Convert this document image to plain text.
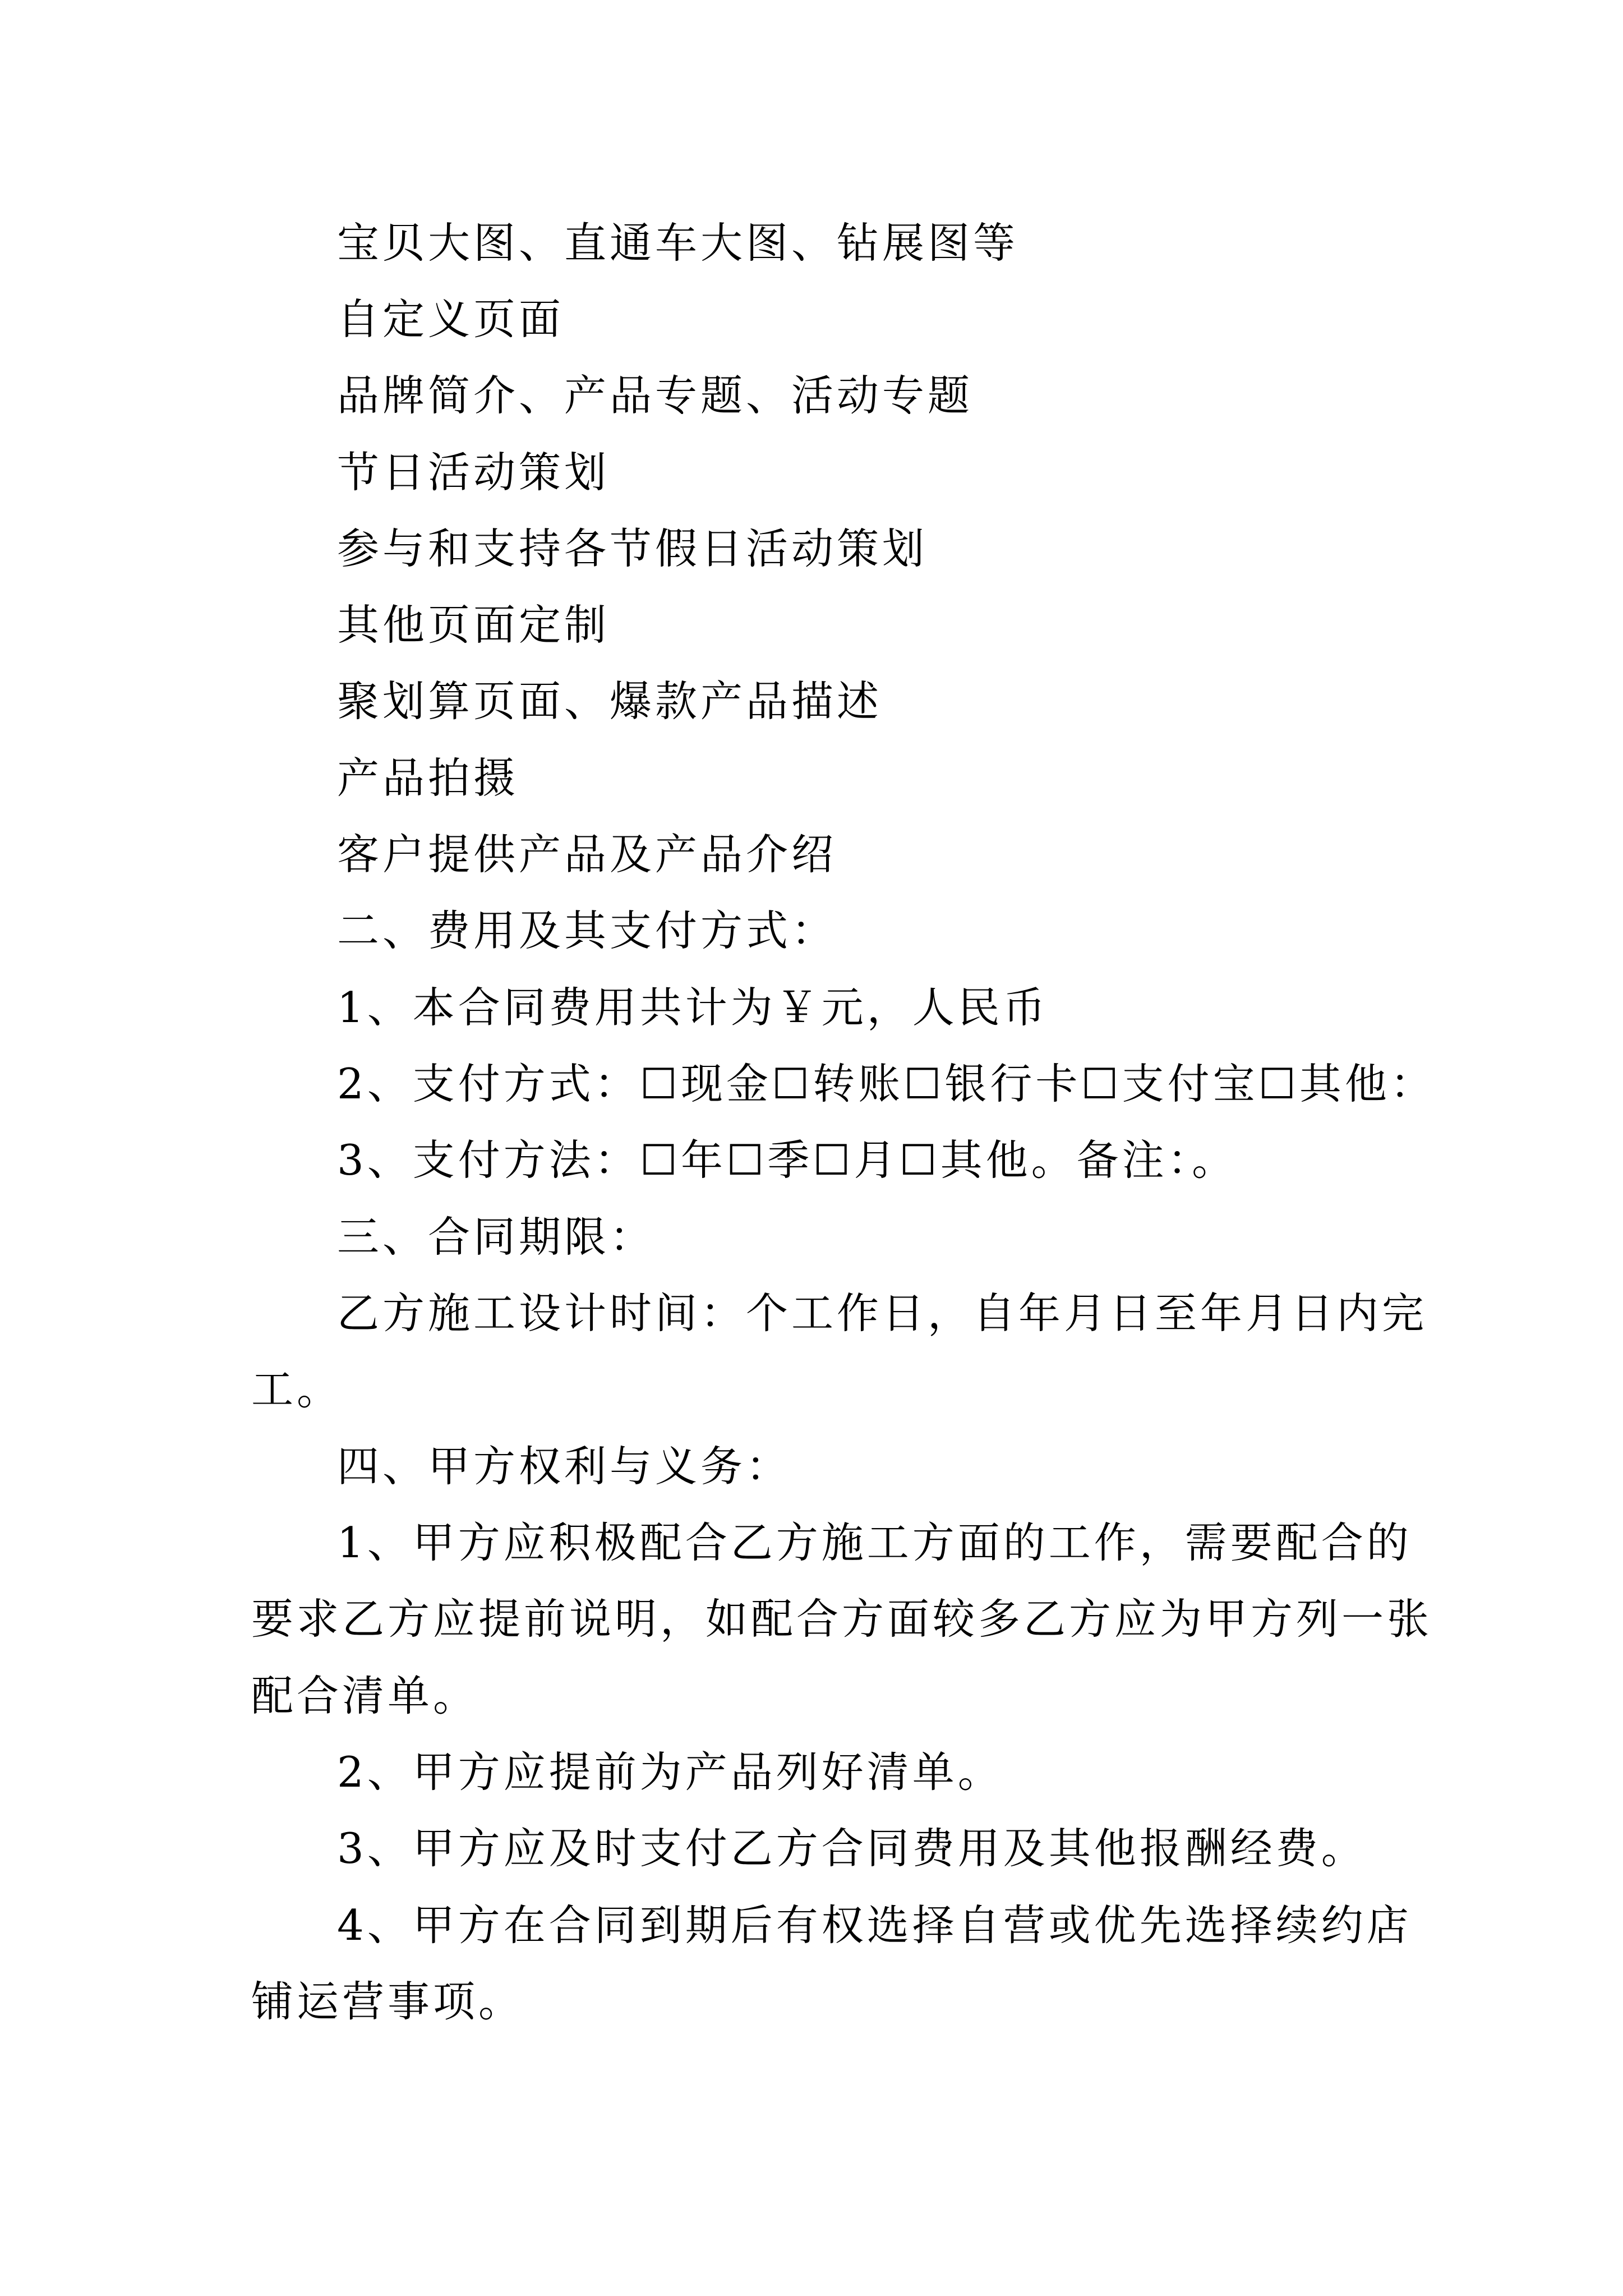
宝贝大图、直通车大图、钻展图等
自定义页面
品牌简介、产品专题、活动专题
节日活动策划
参与和支持各节假日活动策划
其他页面定制
聚划算页面、爆款产品描述
产品拍摄
客户提供产品及产品介绍
二、费用及其支付方式：
1、本合同费用共计为￥元，人民币
2、支付方式：☐现金☐转账☐银行卡☐支付宝☐其他：
3、支付方法：☐年☐季☐月☐其他。备注：。
三、合同期限：
乙方施工设计时间：个工作日，自年月日至年月日内完
工。
四、甲方权利与义务：
1、甲方应积极配合乙方施工方面的工作，需要配合的
要求乙方应提前说明，如配合方面较多乙方应为甲方列一张
配合清单。
2、甲方应提前为产品列好清单。
3、甲方应及时支付乙方合同费用及其他报酬经费。
4、甲方在合同到期后有权选择自营或优先选择续约店
铺运营事项。
